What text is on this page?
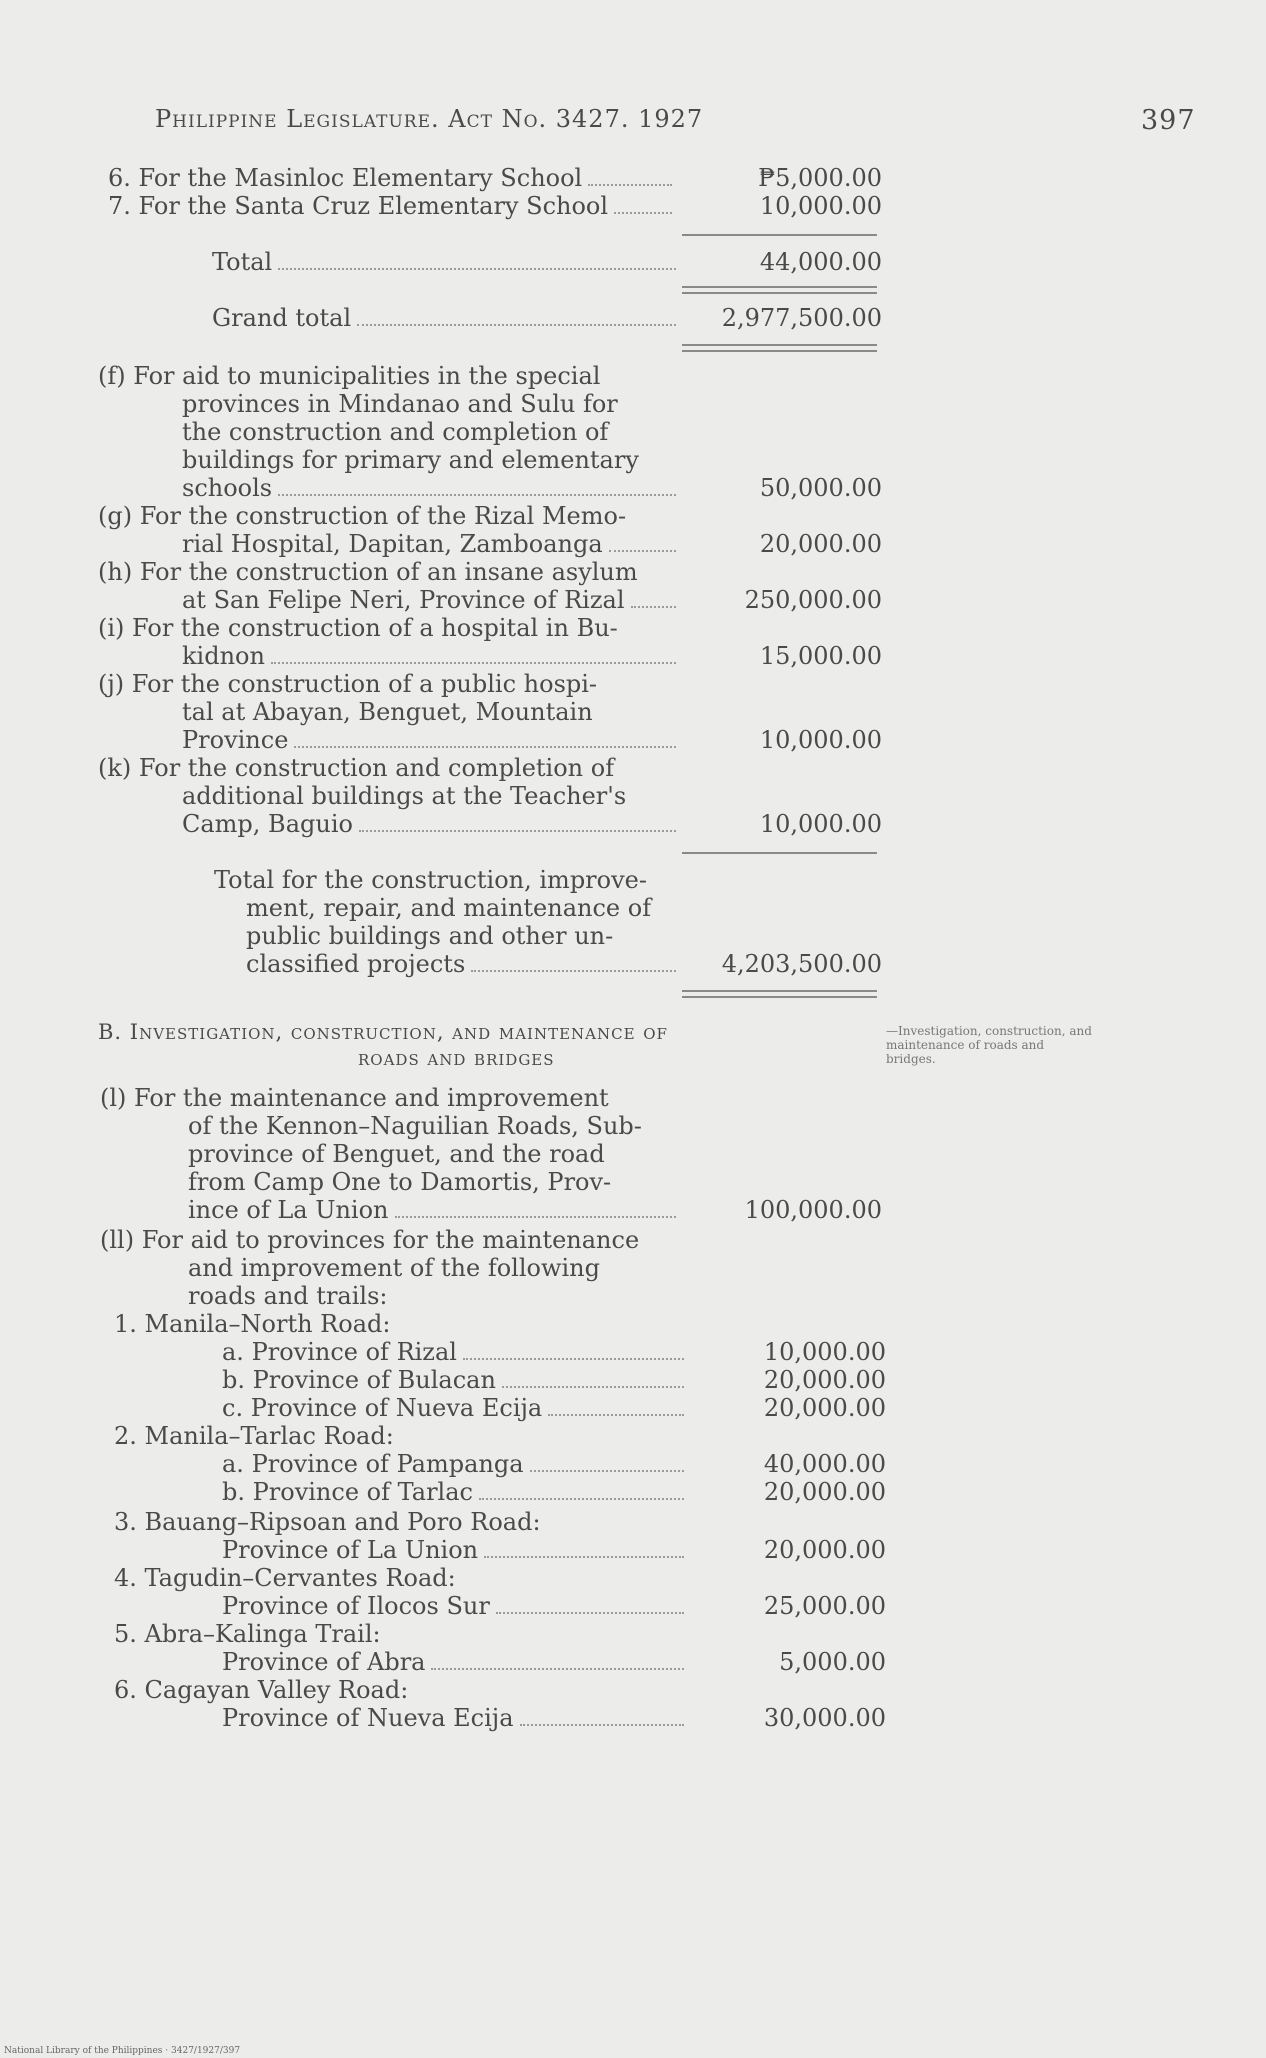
Philippine Legislature. Act No. 3427. 1927	397
6. For the Masinloc Elementary School	₱5,000.00
7. For the Santa Cruz Elementary School	10,000.00
Total	44,000.00
Grand total	2,977,500.00
(f) For aid to municipalities in the special
provinces in Mindanao and Sulu for
the construction and completion of
buildings for primary and elementary
schools	50,000.00
(g) For the construction of the Rizal Memo-
rial Hospital, Dapitan, Zamboanga	20,000.00
(h) For the construction of an insane asylum
at San Felipe Neri, Province of Rizal	250,000.00
(i) For the construction of a hospital in Bu-
kidnon	15,000.00
(j) For the construction of a public hospi-
tal at Abayan, Benguet, Mountain
Province	10,000.00
(k) For the construction and completion of
additional buildings at the Teacher's
Camp, Baguio	10,000.00
Total for the construction, improve-
ment, repair, and maintenance of
public buildings and other un-
classified projects	4,203,500.00
B. Investigation, construction, and maintenance of
roads and bridges
—Investigation, construction, and maintenance of roads and bridges.
(l) For the maintenance and improvement
of the Kennon–Naguilian Roads, Sub-
province of Benguet, and the road
from Camp One to Damortis, Prov-
ince of La Union	100,000.00
(ll) For aid to provinces for the maintenance
and improvement of the following
roads and trails:
1. Manila–North Road:
a. Province of Rizal	10,000.00
b. Province of Bulacan	20,000.00
c. Province of Nueva Ecija	20,000.00
2. Manila–Tarlac Road:
a. Province of Pampanga	40,000.00
b. Province of Tarlac	20,000.00
3. Bauang–Ripsoan and Poro Road:
Province of La Union	20,000.00
4. Tagudin–Cervantes Road:
Province of Ilocos Sur	25,000.00
5. Abra–Kalinga Trail:
Province of Abra	5,000.00
6. Cagayan Valley Road:
Province of Nueva Ecija	30,000.00
National Library of the Philippines · 3427/1927/397
